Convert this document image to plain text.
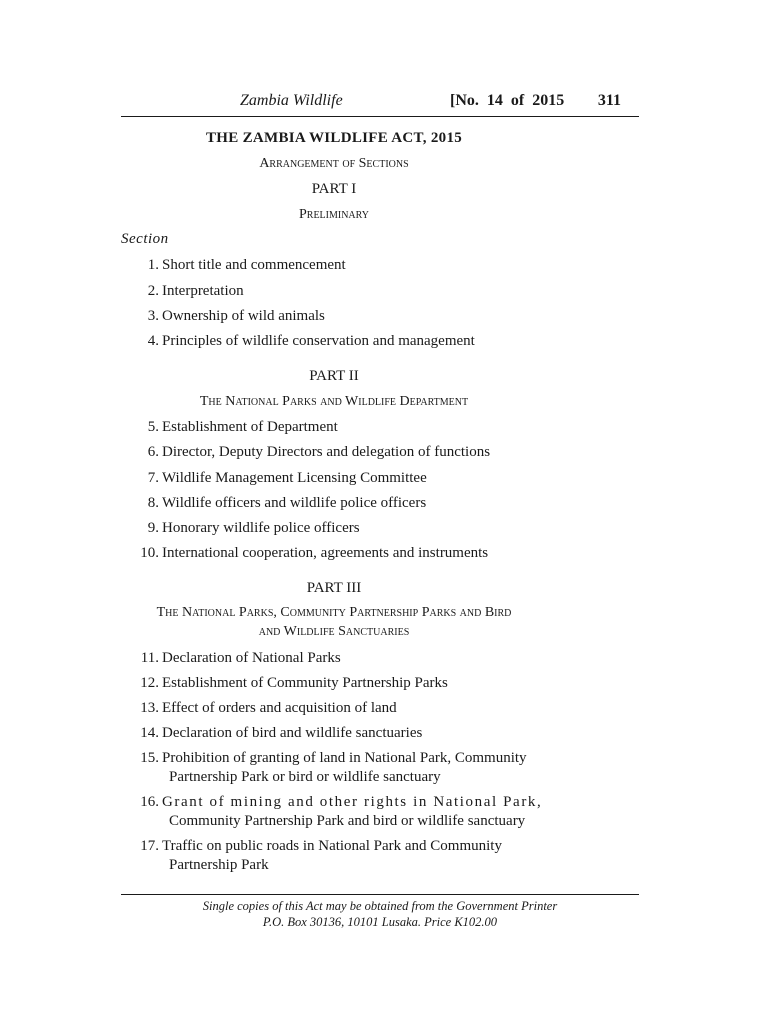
Zambia Wildlife	[No.  14  of  2015 311
THE ZAMBIA WILDLIFE ACT, 2015
Arrangement of Sections
PART I
Preliminary
Section
1. Short title and commencement
2. Interpretation
3. Ownership of wild animals
4. Principles of wildlife conservation and management
PART II
The National Parks and Wildlife Department
5. Establishment of Department
6. Director, Deputy Directors and delegation of functions
7. Wildlife Management Licensing Committee
8. Wildlife officers and wildlife police officers
9. Honorary wildlife police officers
10. International cooperation, agreements and instruments
PART III
The National Parks, Community Partnership Parks and Bird
and Wildlife Sanctuaries
11. Declaration of National Parks
12. Establishment of Community Partnership Parks
13. Effect of orders and acquisition of land
14. Declaration of bird and wildlife sanctuaries
15. Prohibition of granting of land in National Park, Community
Partnership Park or bird or wildlife sanctuary
16. Grant of mining and other rights in National Park,
Community Partnership Park and bird or wildlife sanctuary
17. Traffic on public roads in National Park and Community
Partnership Park
Single copies of this Act may be obtained from the Government Printer
P.O. Box 30136, 10101 Lusaka. Price K102.00
